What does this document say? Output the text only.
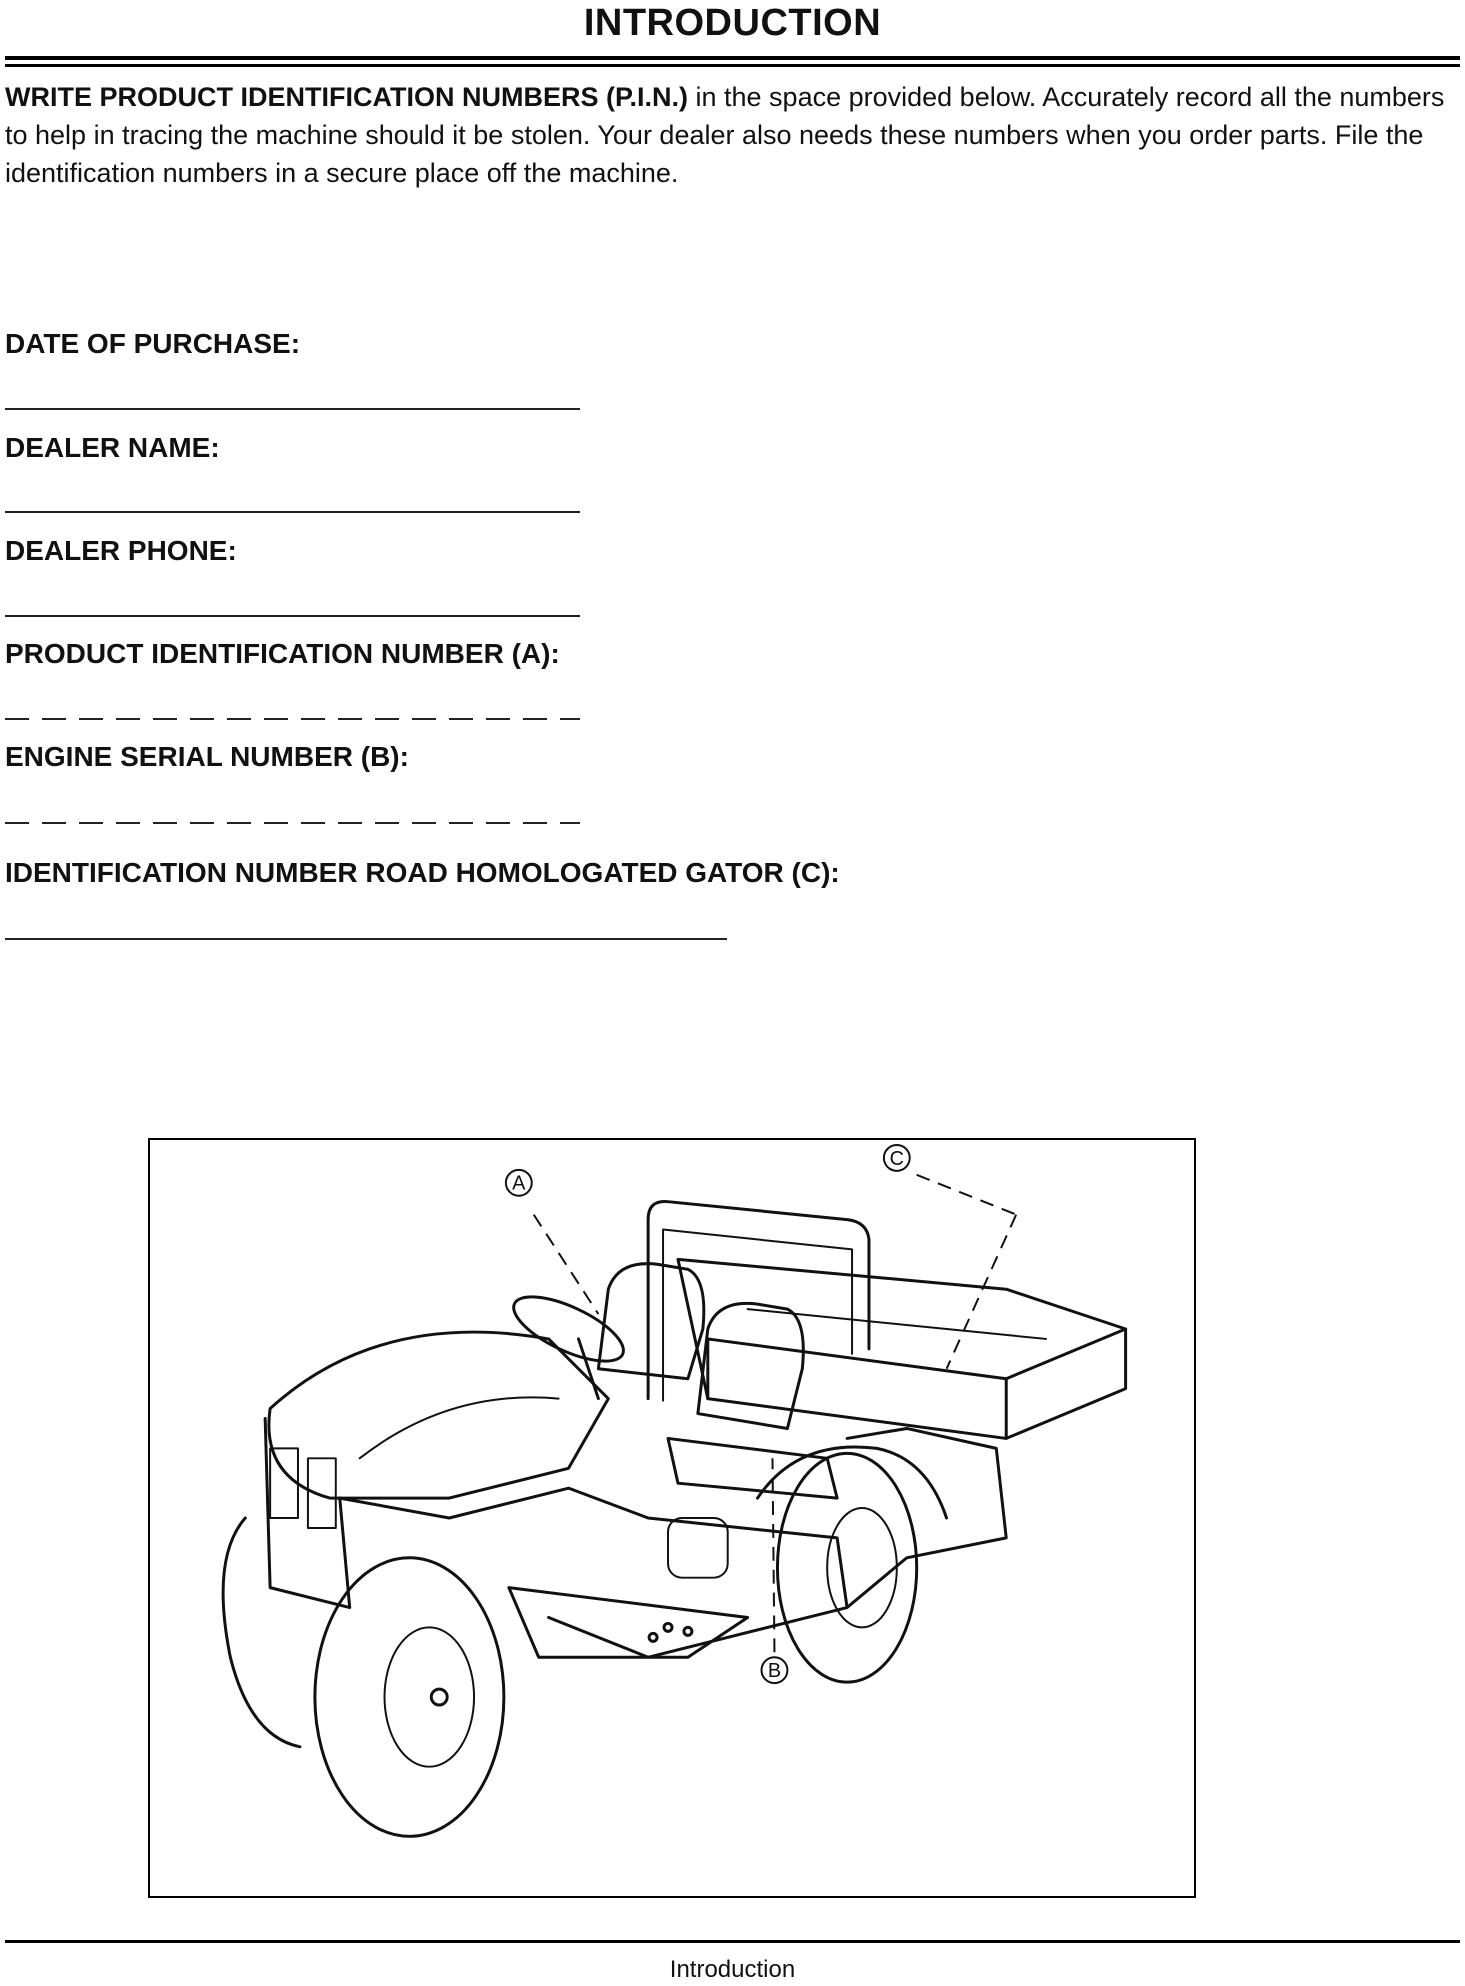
INTRODUCTION

WRITE PRODUCT IDENTIFICATION NUMBERS (P.I.N.) in the space provided below. Accurately record all the numbers to help in tracing the machine should it be stolen. Your dealer also needs these numbers when you order parts. File the identification numbers in a secure place off the machine.

DATE OF PURCHASE:
DEALER NAME:
DEALER PHONE:
PRODUCT IDENTIFICATION NUMBER (A):
ENGINE SERIAL NUMBER (B):
IDENTIFICATION NUMBER ROAD HOMOLOGATED GATOR (C):
A
B
C
Introduction
